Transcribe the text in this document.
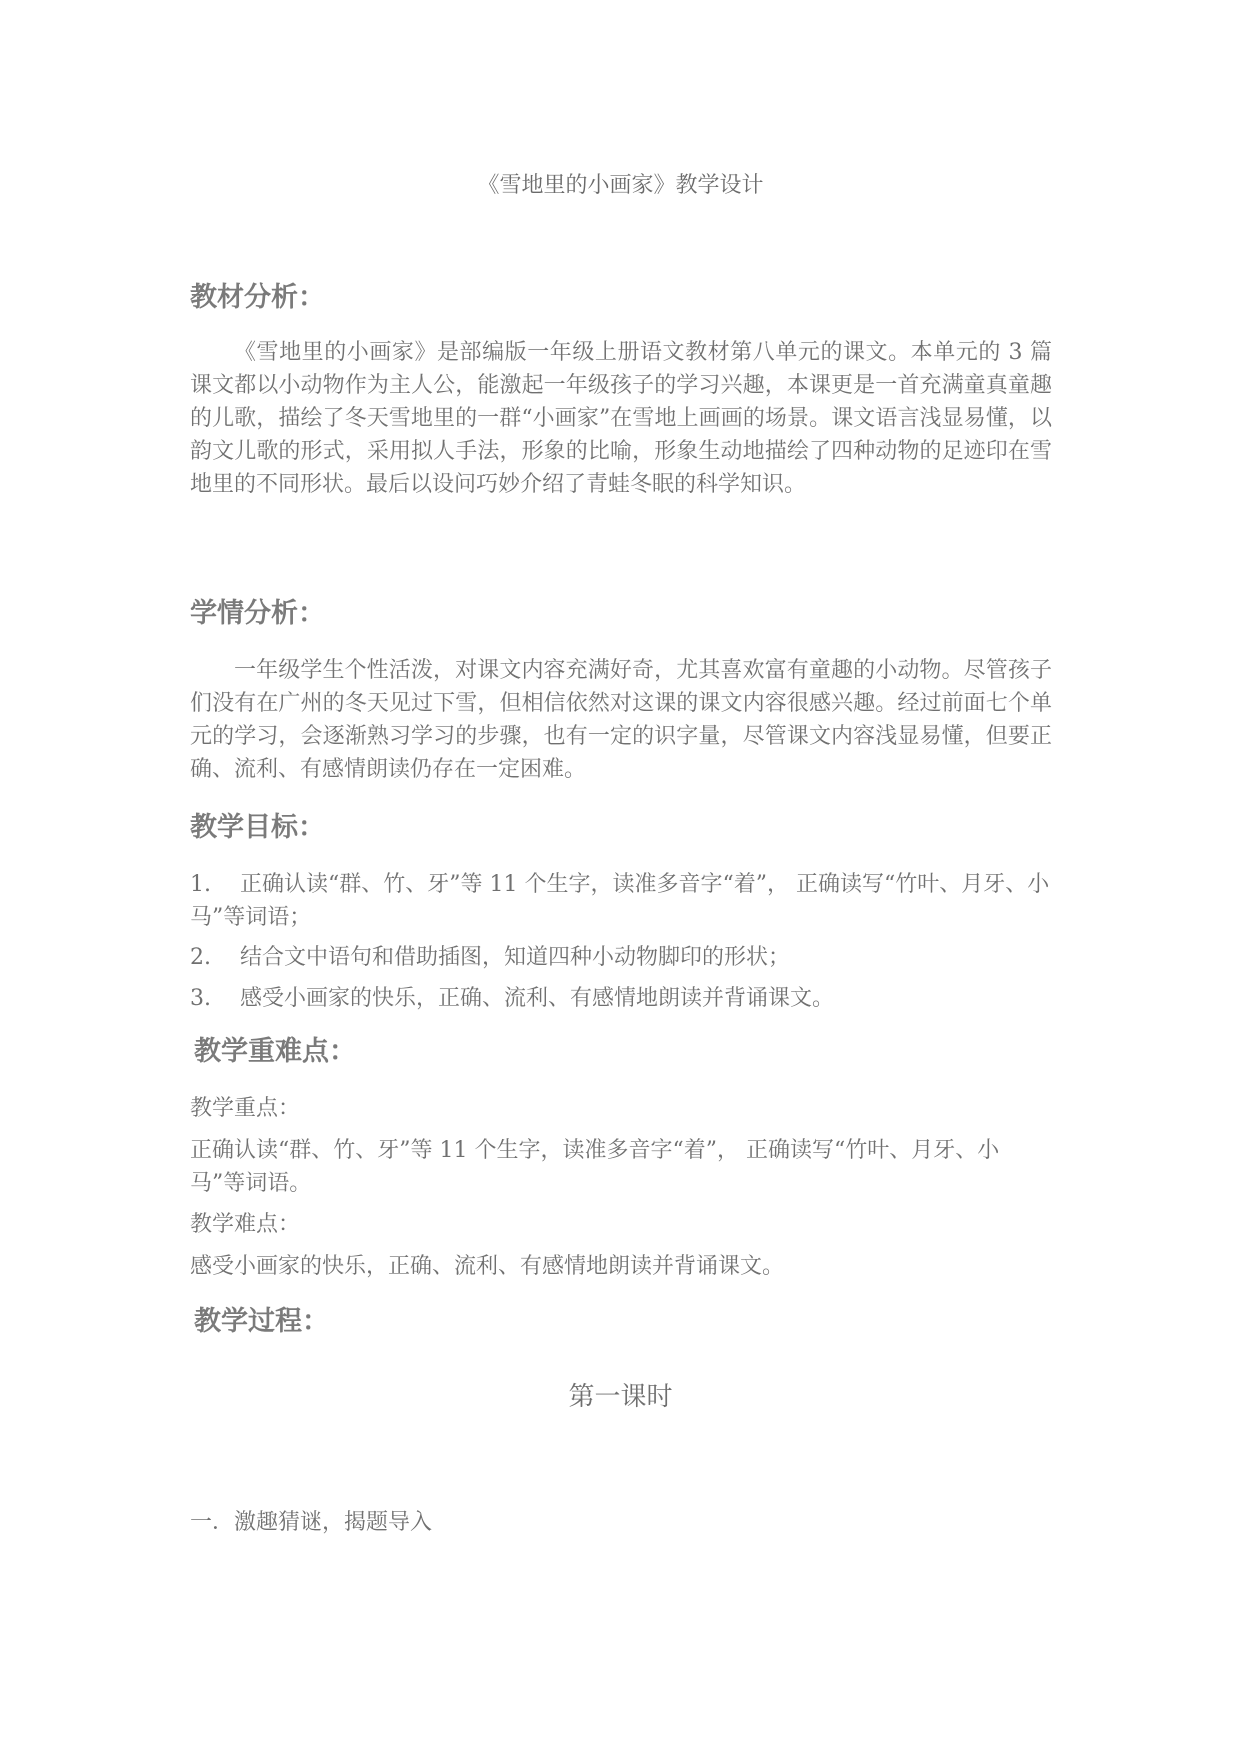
《雪地里的小画家》教学设计
教材分析：

《雪地里的小画家》是部编版一年级上册语文教材第八单元的课文。本单元的 3 篇课文都以小动物作为主人公，能激起一年级孩子的学习兴趣，本课更是一首充满童真童趣的儿歌，描绘了冬天雪地里的一群“小画家”在雪地上画画的场景。课文语言浅显易懂，以韵文儿歌的形式，采用拟人手法，形象的比喻，形象生动地描绘了四种动物的足迹印在雪地里的不同形状。最后以设问巧妙介绍了青蛙冬眠的科学知识。

学情分析：

一年级学生个性活泼，对课文内容充满好奇，尤其喜欢富有童趣的小动物。尽管孩子们没有在广州的冬天见过下雪，但相信依然对这课的课文内容很感兴趣。经过前面七个单元的学习，会逐渐熟习学习的步骤，也有一定的识字量，尽管课文内容浅显易懂，但要正确、流利、有感情朗读仍存在一定困难。

教学目标：

1. 正确认读“群、竹、牙”等 11 个生字，读准多音字“着”， 正确读写“竹叶、月牙、小马”等词语；

2. 结合文中语句和借助插图，知道四种小动物脚印的形状；

3. 感受小画家的快乐，正确、流利、有感情地朗读并背诵课文。

教学重难点：

教学重点：

正确认读“群、竹、牙”等 11 个生字，读准多音字“着”， 正确读写“竹叶、月牙、小马”等词语。

教学难点：

感受小画家的快乐，正确、流利、有感情地朗读并背诵课文。

教学过程：
第一课时

一．激趣猜谜，揭题导入
